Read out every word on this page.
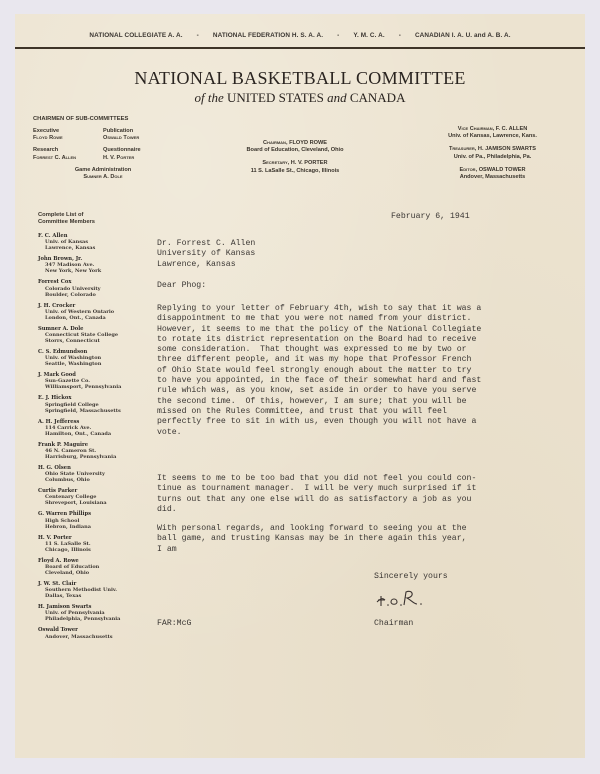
NATIONAL COLLEGIATE A. A. - NATIONAL FEDERATION H. S. A. A. - Y. M. C. A. - CANADIAN I. A. U. and A. B. A.
NATIONAL BASKETBALL COMMITTEE
of the UNITED STATES and CANADA
CHAIRMEN OF SUB-COMMITTEES
Executive
Floyd Rowe
Publication
Oswald Tower
Research
Forrest C. Allen
Questionnaire
H. V. Porter
Game Administration
Sumner A. Dole
Chairman, FLOYD ROWE
Board of Education, Cleveland, Ohio
Secretary, H. V. PORTER
11 S. LaSalle St., Chicago, Illinois
Vice Chairman, F. C. ALLEN
Univ. of Kansas, Lawrence, Kans.
Treasurer, H. JAMISON SWARTS
Univ. of Pa., Philadelphia, Pa.
Editor, OSWALD TOWER
Andover, Massachusetts
Complete List of
Committee Members
F. C. Allen
Univ. of Kansas
Lawrence, Kansas
John Brown, Jr.
347 Madison Ave.
New York, New York
Forrest Cox
Colorado University
Boulder, Colorado
J. H. Crocker
Univ. of Western Ontario
London, Ont., Canada
Sumner A. Dole
Connecticut State College
Storrs, Connecticut
C. S. Edmundson
Univ. of Washington
Seattle, Washington
J. Mark Good
Sun-Gazette Co.
Williamsport, Pennsylvania
E. J. Hickox
Springfield College
Springfield, Massachusetts
A. H. Jefferess
114 Carrick Ave.
Hamilton, Ont., Canada
Frank P. Maguire
46 N. Cameron St.
Harrisburg, Pennsylvania
H. G. Olsen
Ohio State University
Columbus, Ohio
Curtis Parker
Centenary College
Shreveport, Louisiana
G. Warren Phillips
High School
Hebron, Indiana
H. V. Porter
11 S. LaSalle St.
Chicago, Illinois
Floyd A. Rowe
Board of Education
Cleveland, Ohio
J. W. St. Clair
Southern Methodist Univ.
Dallas, Texas
H. Jamison Swarts
Univ. of Pennsylvania
Philadelphia, Pennsylvania
Oswald Tower
Andover, Massachusetts
February 6, 1941
Dr. Forrest C. Allen
University of Kansas
Lawrence, Kansas
Dear Phog:
Replying to your letter of February 4th, wish to say that it was a
disappointment to me that you were not named from your district.
However, it seems to me that the policy of the National Collegiate
to rotate its district representation on the Board had to receive
some consideration.  That thought was expressed to me by two or
three different people, and it was my hope that Professor French
of Ohio State would feel strongly enough about the matter to try
to have you appointed, in the face of their somewhat hard and fast
rule which was, as you know, set aside in order to have you serve
the second time.  Of this, however, I am sure; that you will be
missed on the Rules Committee, and trust that you will feel
perfectly free to sit in with us, even though you will not have a
vote.
It seems to me to be too bad that you did not feel you could con-
tinue as tournament manager.  I will be very much surprised if it
turns out that any one else will do as satisfactory a job as you
did.
With personal regards, and looking forward to seeing you at the
ball game, and trusting Kansas may be in there again this year,
I am
Sincerely yours
FAR:McG	Chairman
